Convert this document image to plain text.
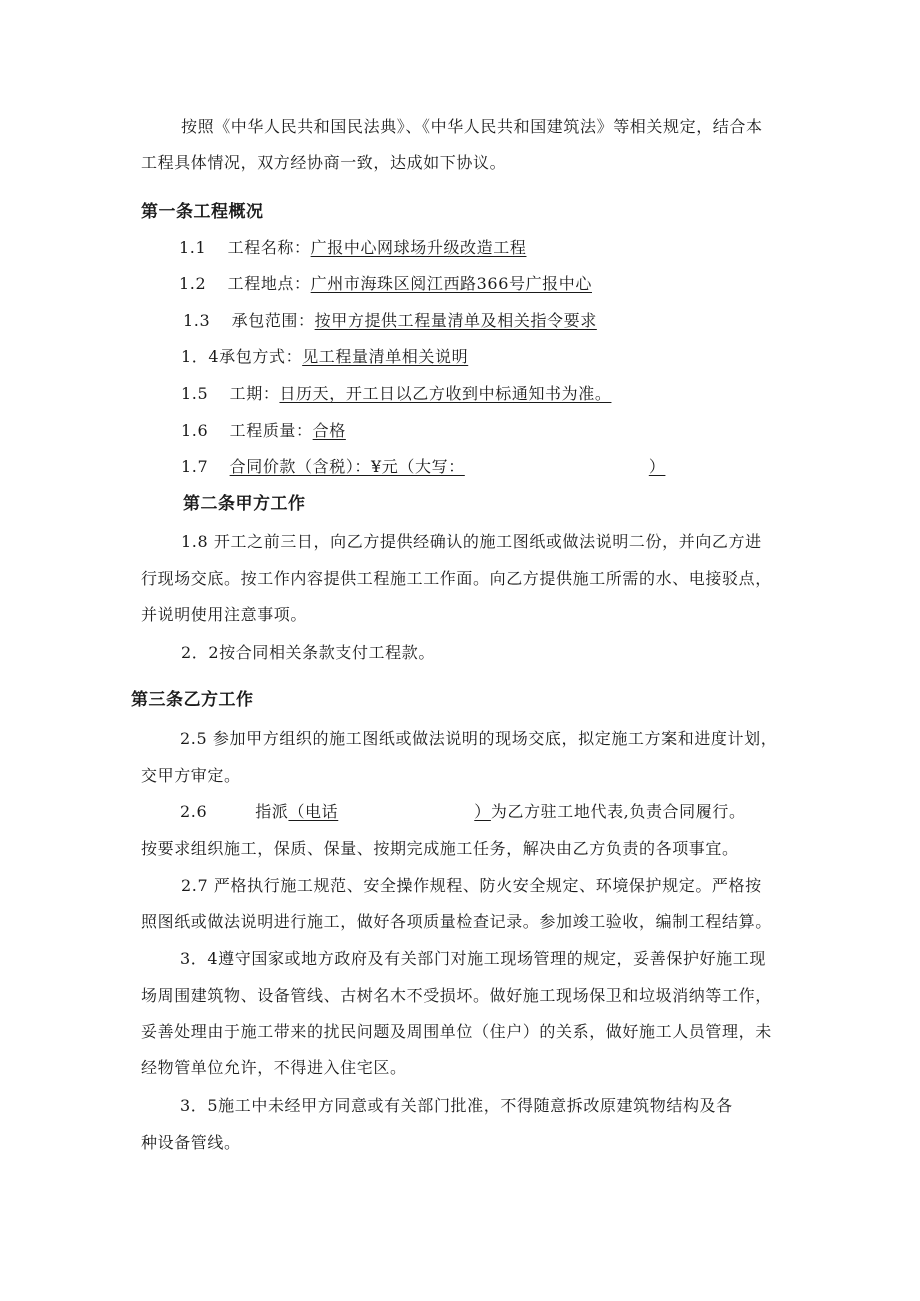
按照《中华人民共和国民法典》、《中华人民共和国建筑法》等相关规定，结合本
工程具体情况，双方经协商一致，达成如下协议。
第一条工程概况
1.1 工程名称：广报中心网球场升级改造工程
1.2 工程地点：广州市海珠区阅江西路366号广报中心
1.3 承包范围：按甲方提供工程量清单及相关指令要求
1．4承包方式：见工程量清单相关说明
1.5 工期：日历天，开工日以乙方收到中标通知书为准。
1.6 工程质量：合格
1.7 合同价款（含税）：¥元（大写：	）
第二条甲方工作
1.8 开工之前三日，向乙方提供经确认的施工图纸或做法说明二份，并向乙方进
行现场交底。按工作内容提供工程施工工作面。向乙方提供施工所需的水、电接驳点，
并说明使用注意事项。
2．2按合同相关条款支付工程款。
第三条乙方工作
2.5 参加甲方组织的施工图纸或做法说明的现场交底，拟定施工方案和进度计划，
交甲方审定。
2.6	指派（电话	）为乙方驻工地代表,负责合同履行。
按要求组织施工，保质、保量、按期完成施工任务，解决由乙方负责的各项事宜。
2.7 严格执行施工规范、安全操作规程、防火安全规定、环境保护规定。严格按
照图纸或做法说明进行施工，做好各项质量检查记录。参加竣工验收，编制工程结算。
3．4遵守国家或地方政府及有关部门对施工现场管理的规定，妥善保护好施工现
场周围建筑物、设备管线、古树名木不受损坏。做好施工现场保卫和垃圾消纳等工作，
妥善处理由于施工带来的扰民问题及周围单位（住户）的关系，做好施工人员管理，未
经物管单位允许，不得进入住宅区。
3．5施工中未经甲方同意或有关部门批准，不得随意拆改原建筑物结构及各
种设备管线。
